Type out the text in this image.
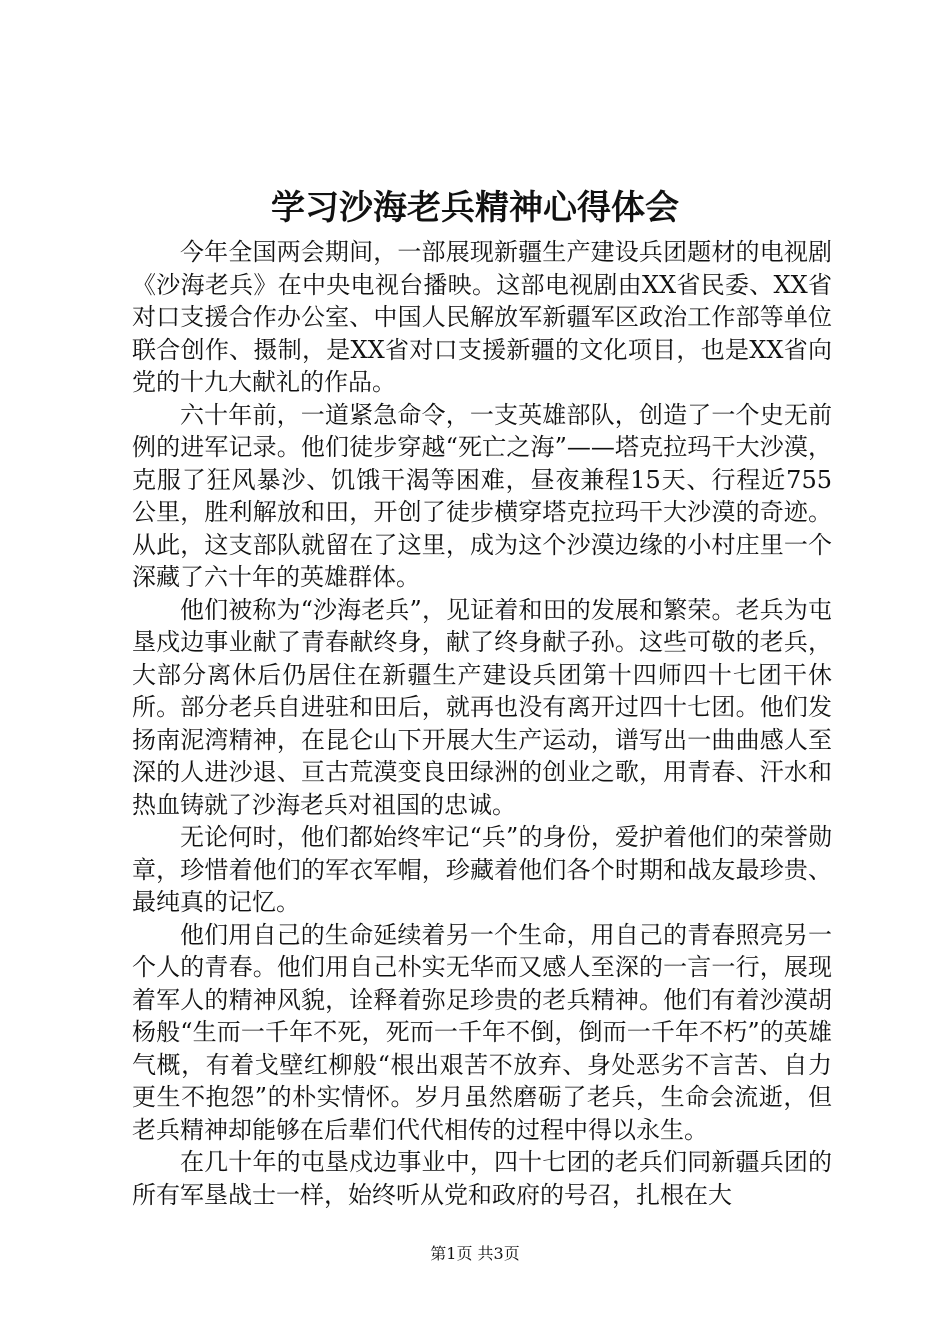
学习沙海老兵精神心得体会

今年全国两会期间，一部展现新疆生产建设兵团题材的电视剧《沙海老兵》在中央电视台播映。这部电视剧由XX省民委、XX省对口支援合作办公室、中国人民解放军新疆军区政治工作部等单位联合创作、摄制，是XX省对口支援新疆的文化项目，也是XX省向党的十九大献礼的作品。

六十年前，一道紧急命令，一支英雄部队，创造了一个史无前例的进军记录。他们徒步穿越“死亡之海”——塔克拉玛干大沙漠，克服了狂风暴沙、饥饿干渴等困难，昼夜兼程15天、行程近755公里，胜利解放和田，开创了徒步横穿塔克拉玛干大沙漠的奇迹。从此，这支部队就留在了这里，成为这个沙漠边缘的小村庄里一个深藏了六十年的英雄群体。

他们被称为“沙海老兵”，见证着和田的发展和繁荣。老兵为屯垦戍边事业献了青春献终身，献了终身献子孙。这些可敬的老兵，大部分离休后仍居住在新疆生产建设兵团第十四师四十七团干休所。部分老兵自进驻和田后，就再也没有离开过四十七团。他们发扬南泥湾精神，在昆仑山下开展大生产运动，谱写出一曲曲感人至深的人进沙退、亘古荒漠变良田绿洲的创业之歌，用青春、汗水和热血铸就了沙海老兵对祖国的忠诚。

无论何时，他们都始终牢记“兵”的身份，爱护着他们的荣誉勋章，珍惜着他们的军衣军帽，珍藏着他们各个时期和战友最珍贵、最纯真的记忆。

他们用自己的生命延续着另一个生命，用自己的青春照亮另一个人的青春。他们用自己朴实无华而又感人至深的一言一行，展现着军人的精神风貌，诠释着弥足珍贵的老兵精神。他们有着沙漠胡杨般“生而一千年不死，死而一千年不倒，倒而一千年不朽”的英雄气概，有着戈壁红柳般“根出艰苦不放弃、身处恶劣不言苦、自力更生不抱怨”的朴实情怀。岁月虽然磨砺了老兵，生命会流逝，但老兵精神却能够在后辈们代代相传的过程中得以永生。

在几十年的屯垦戍边事业中，四十七团的老兵们同新疆兵团的所有军垦战士一样，始终听从党和政府的号召，扎根在大

第1页 共3页
